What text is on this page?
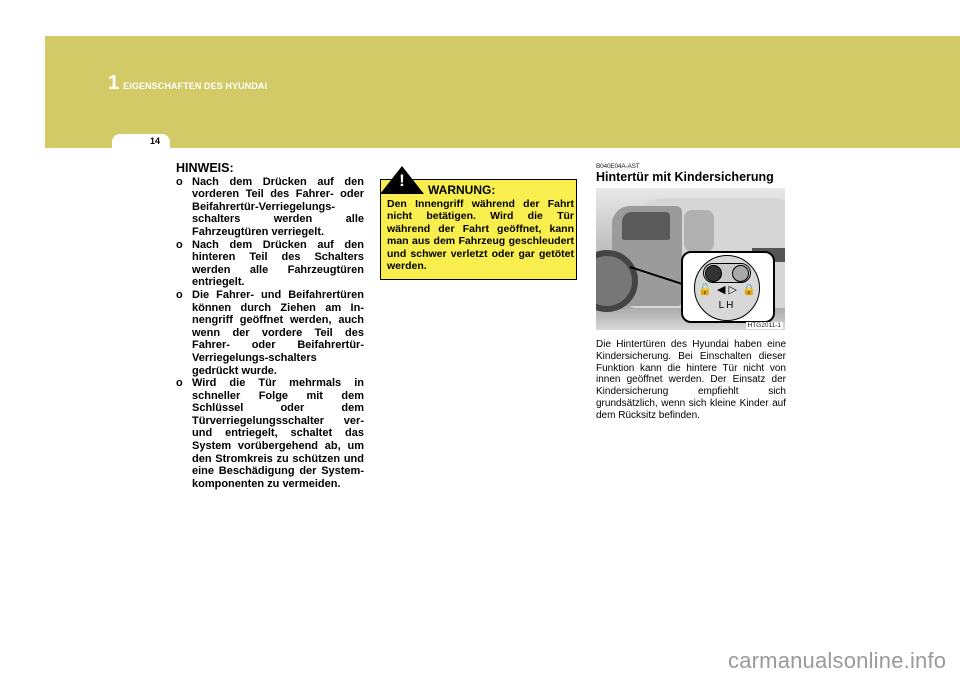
1 EIGENSCHAFTEN DES HYUNDAI
14
HINWEIS:
o Nach dem Drücken auf den vorderen Teil des Fahrer- oder Beifahrertür-Verriegelungs-schalters werden alle Fahrzeugtüren verriegelt.
o Nach dem Drücken auf den hinteren Teil des Schalters werden alle Fahrzeugtüren entriegelt.
o Die Fahrer- und Beifahrertüren können durch Ziehen am In-nengriff geöffnet werden, auch wenn der vordere Teil des Fahrer- oder Beifahrertür-Verriegelungs-schalters gedrückt wurde.
o Wird die Tür mehrmals in schneller Folge mit dem Schlüssel oder dem Türverriegelungsschalter ver- und entriegelt, schaltet das System vorübergehend ab, um den Stromkreis zu schützen und eine Beschädigung der System-komponenten zu vermeiden.
! WARNUNG:
Den Innengriff während der Fahrt nicht betätigen. Wird die Tür während der Fahrt geöffnet, kann man aus dem Fahrzeug geschleudert und schwer verletzt oder gar getötet werden.
B040E04A-AST
Hintertür mit Kindersicherung
🔓 ◀ ▷ 🔒
LH
HTG2011-1
Die Hintertüren des Hyundai haben eine Kindersicherung. Bei Einschalten dieser Funktion kann die hintere Tür nicht von innen geöffnet werden. Der Einsatz der Kindersicherung empfiehlt sich grundsätzlich, wenn sich kleine Kinder auf dem Rücksitz befinden.
carmanualsonline.info
